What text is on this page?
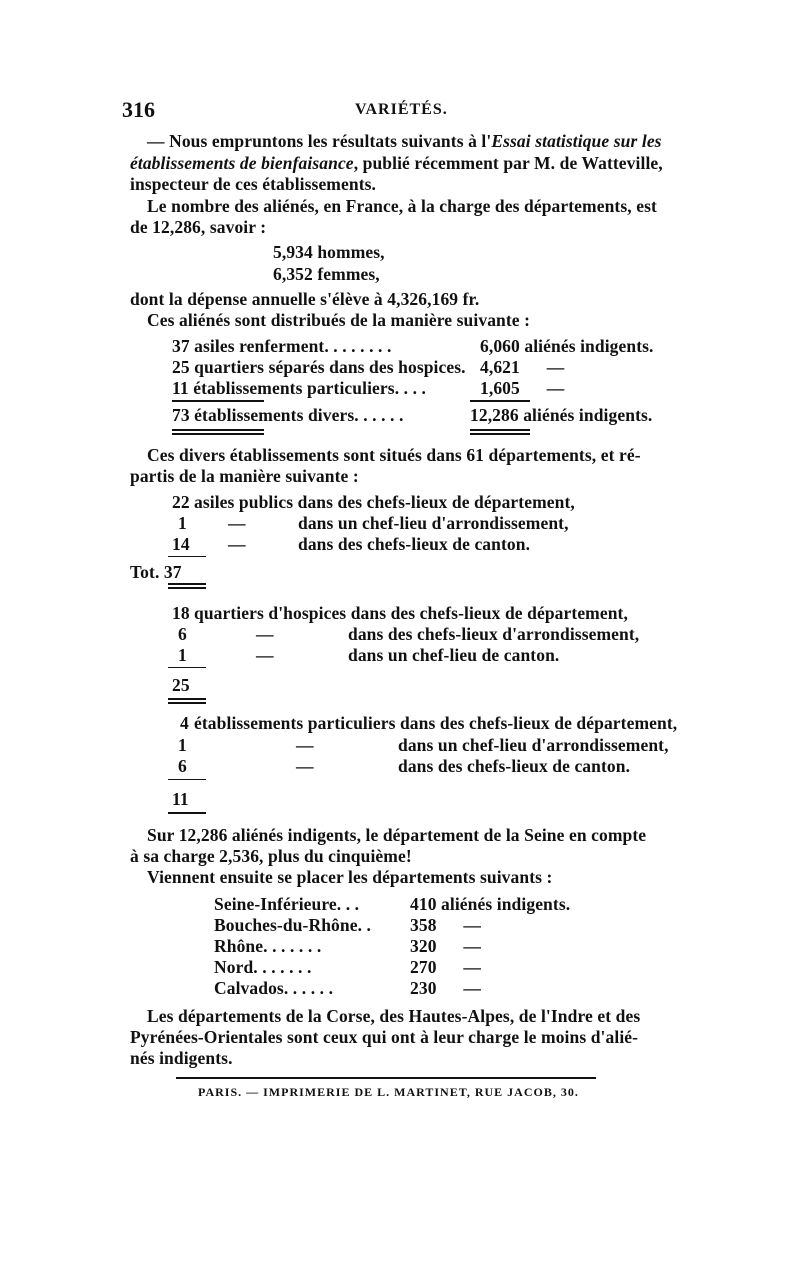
316	VARIÉTÉS.
— Nous empruntons les résultats suivants à l'Essai statistique sur les
établissements de bienfaisance, publié récemment par M. de Watteville,
inspecteur de ces établissements.
Le nombre des aliénés, en France, à la charge des départements, est
de 12,286, savoir :
5,934 hommes,
6,352 femmes,
dont la dépense annuelle s'élève à 4,326,169 fr.
Ces aliénés sont distribués de la manière suivante :
37 asiles renferment. . . . . . . .	6,060 aliénés indigents.
25 quartiers séparés dans des hospices. 4,621      —
11 établissements particuliers. . . .	1,605      —
73 établissements divers. . . . . .	12,286 aliénés indigents.
Ces divers établissements sont situés dans 61 départements, et ré-
partis de la manière suivante :
22 asiles publics dans des chefs-lieux de département,
1 —	dans un chef-lieu d'arrondissement,
14 —	dans des chefs-lieux de canton.
Tot. 37
18 quartiers d'hospices dans des chefs-lieux de département,
6	—	dans des chefs-lieux d'arrondissement,
1	—	dans un chef-lieu de canton.
25
4 établissements particuliers dans des chefs-lieux de département,
1	—	dans un chef-lieu d'arrondissement,
6	—	dans des chefs-lieux de canton.
11
Sur 12,286 aliénés indigents, le département de la Seine en compte
à sa charge 2,536, plus du cinquième!
Viennent ensuite se placer les départements suivants :
Seine-Inférieure. . .	410 aliénés indigents.
Bouches-du-Rhône. . 358      —
Rhône. . . . . . .	320      —
Nord. . . . . . .	270      —
Calvados. . . . . .	230      —
Les départements de la Corse, des Hautes-Alpes, de l'Indre et des
Pyrénées-Orientales sont ceux qui ont à leur charge le moins d'alié-
nés indigents.
PARIS. — IMPRIMERIE DE L. MARTINET, RUE JACOB, 30.
